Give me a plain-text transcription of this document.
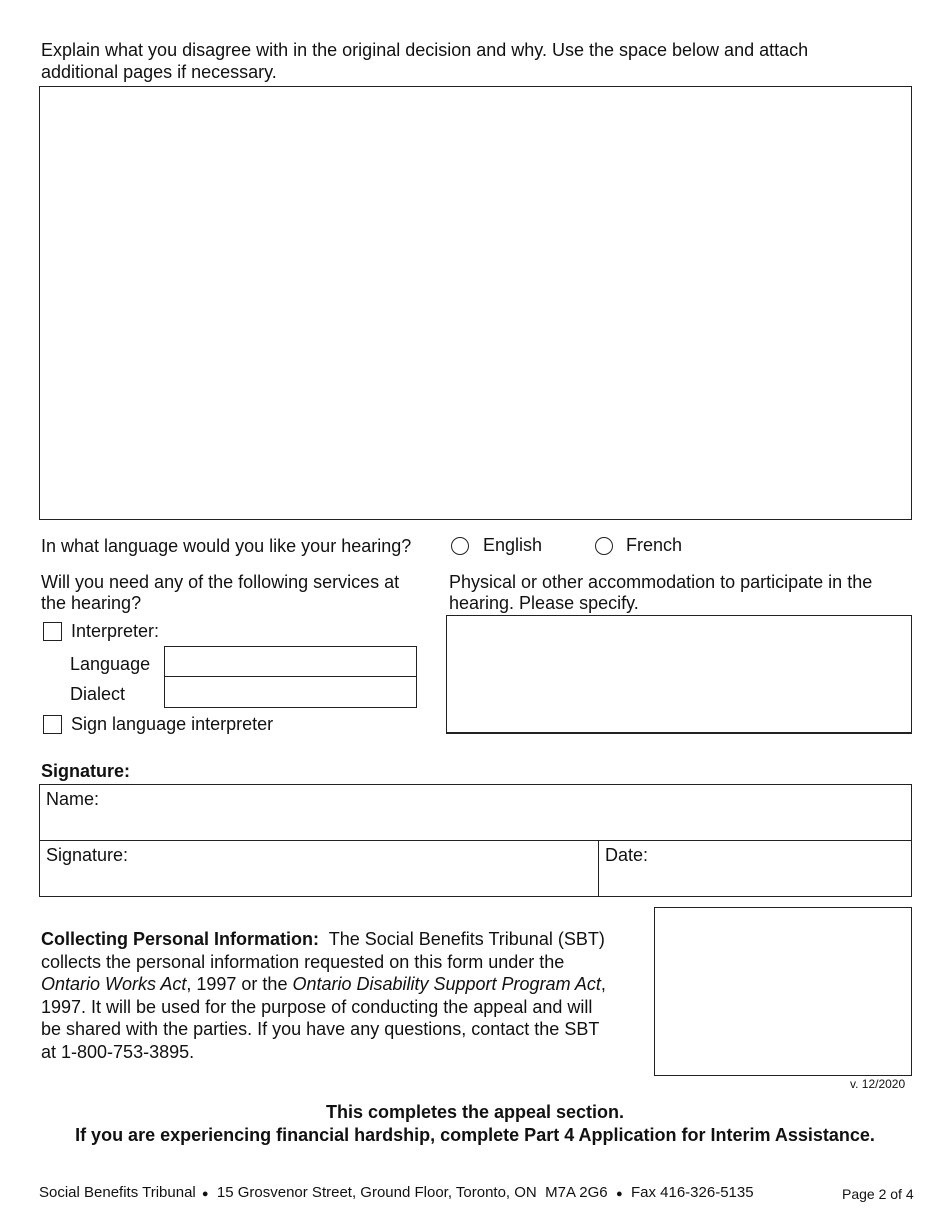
Explain what you disagree with in the original decision and why. Use the space below and attach
additional pages if necessary.
In what language would you like your hearing?	English	French
Will you need any of the following services at
the hearing?
Interpreter:
Language
Dialect
Sign language interpreter
Physical or other accommodation to participate in the
hearing. Please specify.
Signature:
Name:
Signature:	Date:
Collecting Personal Information:  The Social Benefits Tribunal (SBT)
collects the personal information requested on this form under the
Ontario Works Act, 1997 or the Ontario Disability Support Program Act,
1997. It will be used for the purpose of conducting the appeal and will
be shared with the parties. If you have any questions, contact the SBT
at 1-800-753-3895.
v. 12/2020
This completes the appeal section.
If you are experiencing financial hardship, complete Part 4 Application for Interim Assistance.
Social Benefits Tribunal ● 15 Grosvenor Street, Ground Floor, Toronto, ON  M7A 2G6 ● Fax 416-326-5135	Page 2 of 4
